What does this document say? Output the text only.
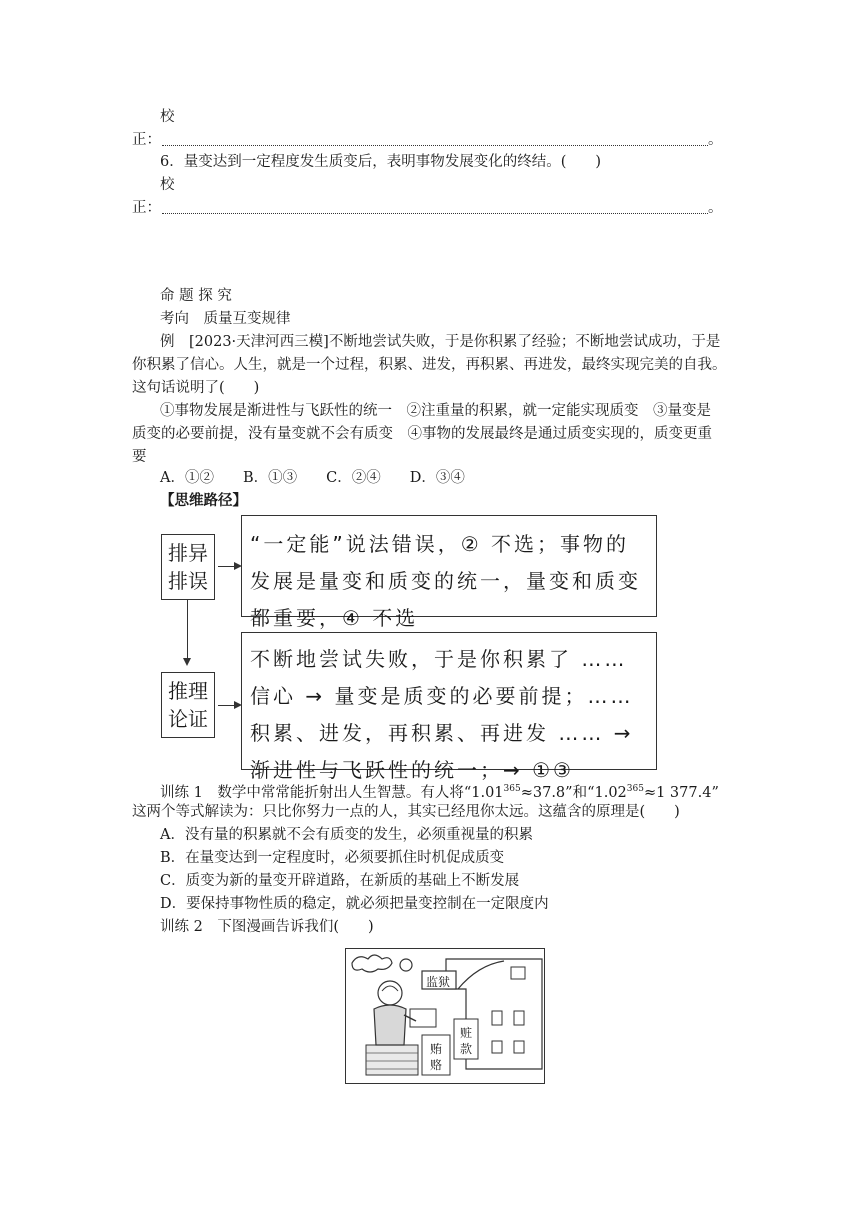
校
正：	。
6．量变达到一定程度发生质变后，表明事物发展变化的终结。(　　)
校
正：	。
命 题 探 究
考向　质量互变规律
例　[2023·天津河西三模]不断地尝试失败，于是你积累了经验；不断地尝试成功，于是
你积累了信心。人生，就是一个过程，积累、进发，再积累、再进发，最终实现完美的自我。
这句话说明了(　　)
①事物发展是渐进性与飞跃性的统一　②注重量的积累，就一定能实现质变　③量变是
质变的必要前提，没有量变就不会有质变　④事物的发展最终是通过质变实现的，质变更重
要
A．①②　　B．①③　　C．②④　　D．③④
【思维路径】
排异
排误
“一定能”说法错误，② 不选；事物的发展是量变和质变的统一，量变和质变都重要，④ 不选
推理
论证
不断地尝试失败，于是你积累了 …… 信心 → 量变是质变的必要前提；…… 积累、进发，再积累、再进发 …… → 渐进性与飞跃性的统一；→ ①③
训练 1　数学中常常能折射出人生智慧。有人将“$1.01^{365}\approx 37.8$”和“$1.02^{365}\approx 1$ 377.4”
这两个等式解读为：只比你努力一点的人，其实已经甩你太远。这蕴含的原理是(　　)
A．没有量的积累就不会有质变的发生，必须重视量的积累
B．在量变达到一定程度时，必须要抓住时机促成质变
C．质变为新的量变开辟道路，在新质的基础上不断发展
D．要保持事物性质的稳定，就必须把量变控制在一定限度内
训练 2　下图漫画告诉我们(　　)
监狱
贿赂
赃款
